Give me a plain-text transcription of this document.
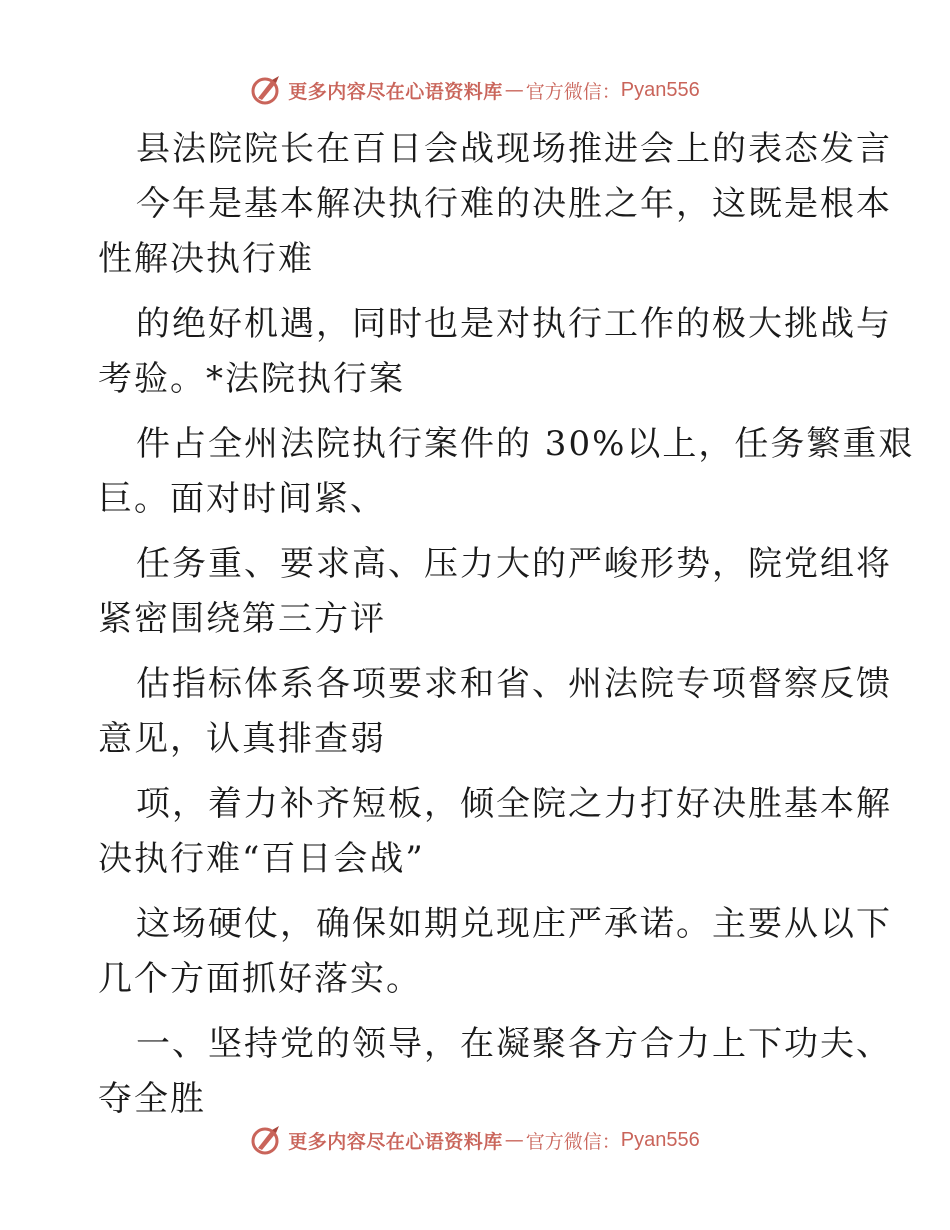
更多内容尽在心语资料库 — 官方微信： Pyan556
县法院院长在百日会战现场推进会上的表态发言
今年是基本解决执行难的决胜之年，这既是根本
性解决执行难
的绝好机遇，同时也是对执行工作的极大挑战与
考验。*法院执行案
件占全州法院执行案件的 30%以上，任务繁重艰
巨。面对时间紧、
任务重、要求高、压力大的严峻形势，院党组将
紧密围绕第三方评
估指标体系各项要求和省、州法院专项督察反馈
意见，认真排查弱
项，着力补齐短板，倾全院之力打好决胜基本解
决执行难“百日会战”
这场硬仗，确保如期兑现庄严承诺。主要从以下
几个方面抓好落实。
一、坚持党的领导，在凝聚各方合力上下功夫、
夺全胜
更多内容尽在心语资料库 — 官方微信： Pyan556
